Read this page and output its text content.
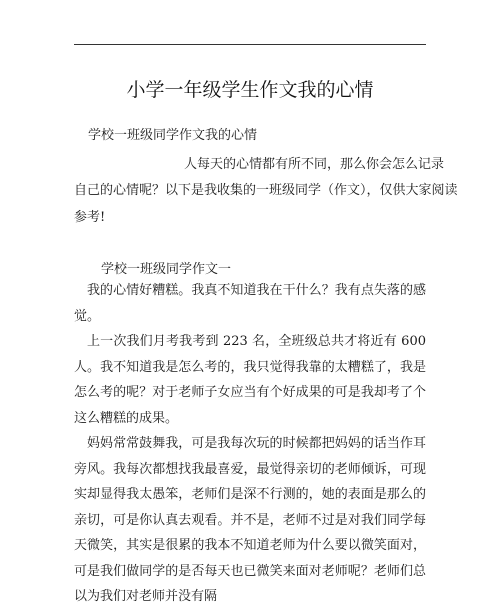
小学一年级学生作文我的心情
学校一班级同学作文我的心情
人每天的心情都有所不同，那么你会怎么记录
自己的心情呢？以下是我收集的一班级同学（作文），仅供大家阅读
参考!
学校一班级同学作文一

我的心情好糟糕。我真不知道我在干什么？我有点失落的感觉。

上一次我们月考我考到 223 名，全班级总共才将近有 600 人。我不知道我是怎么考的，我只觉得我靠的太糟糕了，我是怎么考的呢？对于老师子女应当有个好成果的可是我却考了个这么糟糕的成果。

妈妈常常鼓舞我，可是我每次玩的时候都把妈妈的话当作耳旁风。我每次都想找我最喜爱，最觉得亲切的老师倾诉，可现实却显得我太愚笨，老师们是深不行测的，她的表面是那么的亲切，可是你认真去观看。并不是，老师不过是对我们同学每天微笑，其实是很累的我本不知道老师为什么要以微笑面对，可是我们做同学的是否每天也已微笑来面对老师呢？老师们总以为我们对老师并没有隔
